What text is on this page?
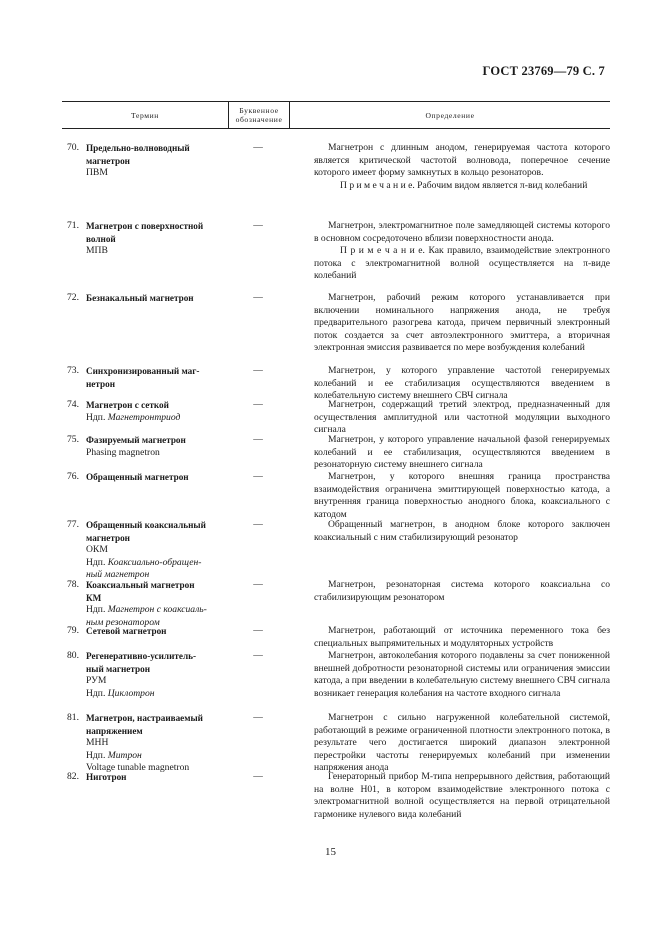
ГОСТ 23769—79 С. 7
Термин	Буквенное обозначение	Определение
70. Предельно-волноводный
магнетрон
ПВМ
—	Магнетрон с длинным анодом, генерируемая частота которого является критической частотой волновода, поперечное сечение которого имеет форму замкнутых в кольцо резонаторов.
П р и м е ч а н и е. Рабочим видом является π-вид колебаний
71. Магнетрон с поверхностной
волной
МПВ
—	Магнетрон, электромагнитное поле замедляющей системы которого в основном сосредоточено вблизи поверхностности анода.
П р и м е ч а н и е. Как правило, взаимодействие электронного потока с электромагнитной волной осуществляется на π-виде колебаний
72. Безнакальный магнетрон	—	Магнетрон, рабочий режим которого устанавливается при включении номинального напряжения анода, не требуя предварительного разогрева катода, причем первичный электронный поток создается за счет автоэлектронного эмиттера, а вторичная электронная эмиссия развивается по мере возбуждения колебаний
73. Синхронизированный маг-
нетрон
—	Магнетрон, у которого управление частотой генерируемых колебаний и ее стабилизация осуществляются введением в колебательную систему внешнего СВЧ сигнала
74. Магнетрон с сеткой
Ндп. Магнетронтриод
—	Магнетрон, содержащий третий электрод, предназначенный для осуществления амплитудной или частотной модуляции выходного сигнала
75. Фазируемый магнетрон
Phasing magnetron
—	Магнетрон, у которого управление начальной фазой генерируемых колебаний и ее стабилизация, осуществляются введением в резонаторную систему внешнего сигнала
76. Обращенный магнетрон	—	Магнетрон, у которого внешняя граница пространства взаимодействия ограничена эмиттирующей поверхностью катода, а внутренняя граница поверхностью анодного блока, коаксиального с катодом
77. Обращенный коаксиальный
магнетрон
ОКМ
Ндп. Коаксиально-обращен-
ный магнетрон
—	Обращенный магнетрон, в анодном блоке которого заключен коаксиальный с ним стабилизирующий резонатор
78. Коаксиальный магнетрон
КМ
Ндп. Магнетрон с коаксиаль-
ным резонатором
—	Магнетрон, резонаторная система которого коаксиальна со стабилизирующим резонатором
79. Сетевой магнетрон	—	Магнетрон, работающий от источника переменного тока без специальных выпрямительных и модуляторных устройств
80. Регенеративно-усилитель-
ный магнетрон
РУМ
Ндп. Циклотрон
—	Магнетрон, автоколебания которого подавлены за счет пониженной внешней добротности резонаторной системы или ограничения эмиссии катода, а при введении в колебательную систему внешнего СВЧ сигнала возникает генерация колебания на частоте входного сигнала
81. Магнетрон, настраиваемый
напряжением
МНН
Ндп. Митрон
Voltage tunable magnetron
—	Магнетрон с сильно нагруженной колебательной системой, работающий в режиме ограниченной плотности электронного потока, в результате чего достигается широкий диапазон электронной перестройки частоты генерируемых колебаний при изменении напряжения анода
82. Ниготрон	—	Генераторный прибор М-типа непрерывного действия, работающий на волне H01, в котором взаимодействие электронного потока с электромагнитной волной осуществляется на первой отрицательной гармонике нулевого вида колебаний
15
